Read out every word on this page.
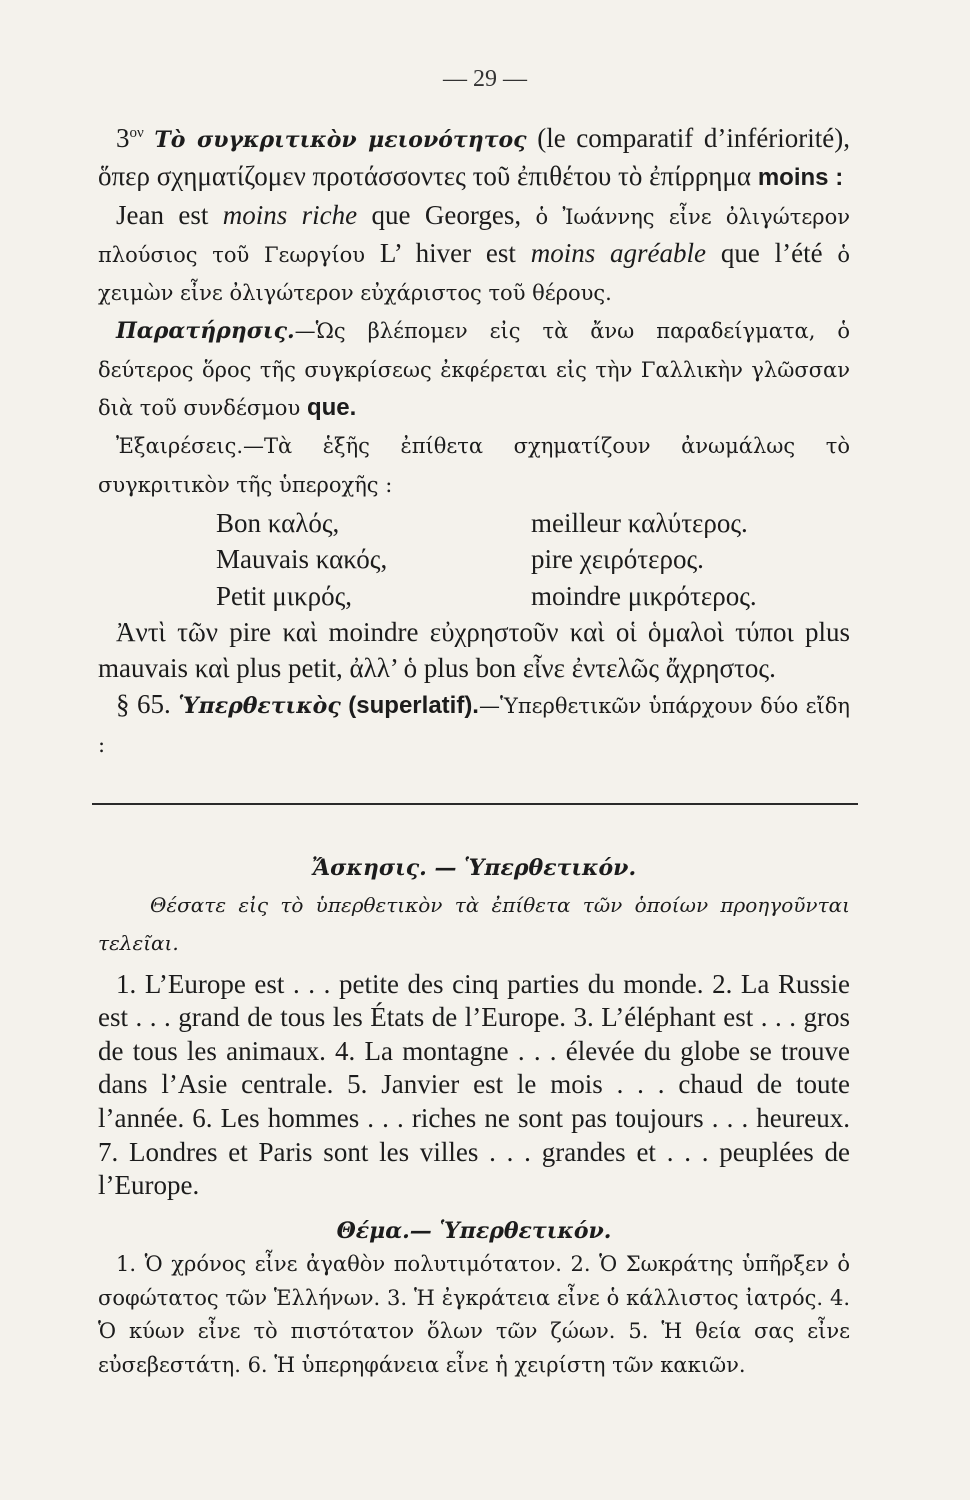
— 29 —

$3^{o\nu}$ Τὸ συγκριτικὸν μειονότητος (le comparatif d’infériorité), ὅπερ σχηματίζομεν προτάσσοντες τοῦ ἐπιθέτου τὸ ἐπίρρημα moins :

Jean est moins riche que Georges, ὁ Ἰωάννης εἶνε ὀλιγώτερον πλούσιος τοῦ Γεωργίου L’ hiver est moins agréable que l’été ὁ χειμὼν εἶνε ὀλιγώτερον εὐχάριστος τοῦ θέρους.

Παρατήρησις.—Ὡς βλέπομεν εἰς τὰ ἄνω παραδείγματα, ὁ δεύτερος ὅρος τῆς συγκρίσεως ἐκφέρεται εἰς τὴν Γαλλικὴν γλῶσσαν διὰ τοῦ συνδέσμου que.

Ἐξαιρέσεις.—Τὰ ἑξῆς ἐπίθετα σχηματίζουν ἀνωμάλως τὸ συγκριτικὸν τῆς ὑπεροχῆς :

Bon καλός,	meilleur καλύτερος.
Mauvais κακός,	pire χειρότερος.
Petit μικρός,	moindre μικρότερος.

Ἀντὶ τῶν pire καὶ moindre εὐχρηστοῦν καὶ οἱ ὁμαλοὶ τύποι plus mauvais καὶ plus petit, ἀλλ’ ὁ plus bon εἶνε ἐντελῶς ἄχρηστος.

§ 65. Ὑπερθετικὸς (superlatif).—Ὑπερθετικῶν ὑπάρχουν δύο εἴδη :

Ἄσκησις. — Ὑπερθετικόν.

Θέσατε εἰς τὸ ὑπερθετικὸν τὰ ἐπίθετα τῶν ὁποίων προηγοῦνται τελεῖαι.

1. L’Europe est . . . petite des cinq parties du monde. 2. La Russie est . . . grand de tous les États de l’Europe. 3. L’éléphant est . . . gros de tous les animaux. 4. La montagne . . . élevée du globe se trouve dans l’Asie centrale. 5. Janvier est le mois . . . chaud de toute l’année. 6. Les hommes . . . riches ne sont pas toujours . . . heureux. 7. Londres et Paris sont les villes . . . grandes et . . . peuplées de l’Europe.

Θέμα.— Ὑπερθετικόν.

1. Ὁ χρόνος εἶνε ἀγαθὸν πολυτιμότατον. 2. Ὁ Σωκράτης ὑπῆρξεν ὁ σοφώτατος τῶν Ἑλλήνων. 3. Ἡ ἐγκράτεια εἶνε ὁ κάλλιστος ἰατρός. 4. Ὁ κύων εἶνε τὸ πιστότατον ὅλων τῶν ζώων. 5. Ἡ θεία σας εἶνε εὐσεβεστάτη. 6. Ἡ ὑπερηφάνεια εἶνε ἡ χειρίστη τῶν κακιῶν.
